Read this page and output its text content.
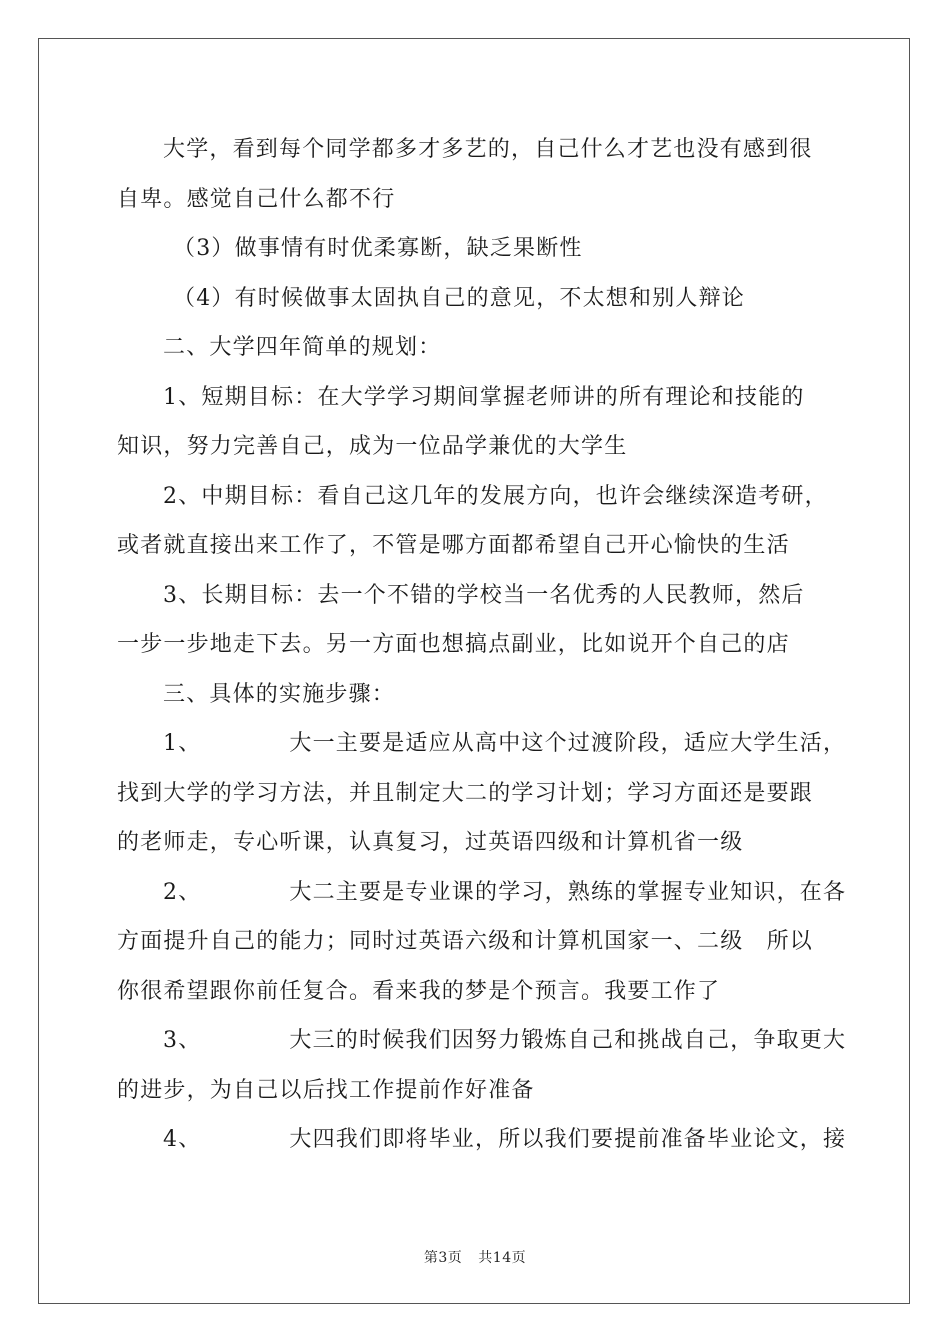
大学，看到每个同学都多才多艺的，自己什么才艺也没有感到很

自卑。感觉自己什么都不行

（3）做事情有时优柔寡断，缺乏果断性

（4）有时候做事太固执自己的意见，不太想和别人辩论

二、大学四年简单的规划：

1、短期目标：在大学学习期间掌握老师讲的所有理论和技能的

知识，努力完善自己，成为一位品学兼优的大学生

2、中期目标：看自己这几年的发展方向，也许会继续深造考研，

或者就直接出来工作了，不管是哪方面都希望自己开心愉快的生活

3、长期目标：去一个不错的学校当一名优秀的人民教师，然后

一步一步地走下去。另一方面也想搞点副业，比如说开个自己的店

三、具体的实施步骤：

1、	大一主要是适应从高中这个过渡阶段，适应大学生活，

找到大学的学习方法，并且制定大二的学习计划；学习方面还是要跟

的老师走，专心听课，认真复习，过英语四级和计算机省一级

2、	大二主要是专业课的学习，熟练的掌握专业知识，在各

方面提升自己的能力；同时过英语六级和计算机国家一、二级　所以

你很希望跟你前任复合。看来我的梦是个预言。我要工作了

3、	大三的时候我们因努力锻炼自己和挑战自己，争取更大

的进步，为自己以后找工作提前作好准备

4、	大四我们即将毕业，所以我们要提前准备毕业论文，接

第3页 共14页
